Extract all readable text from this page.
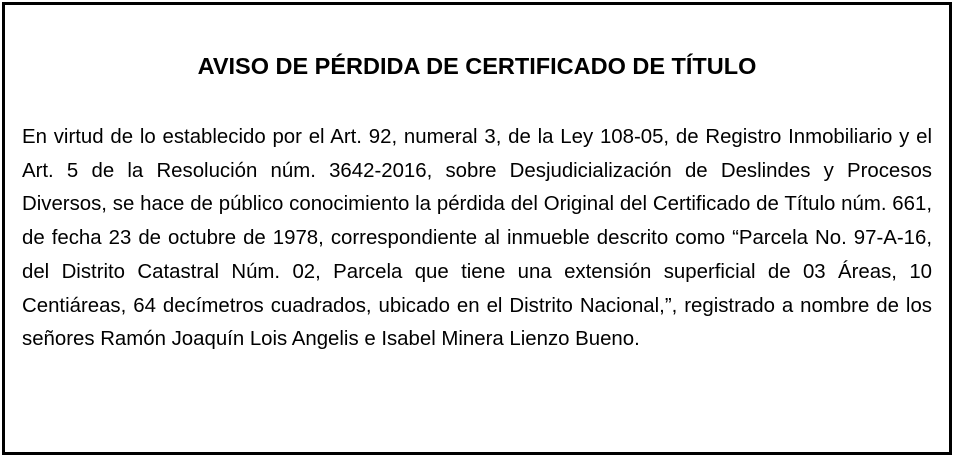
AVISO DE PÉRDIDA DE CERTIFICADO DE TÍTULO

En virtud de lo establecido por el Art. 92, numeral 3, de la Ley 108-05, de Registro Inmobiliario y el Art. 5 de la Resolución núm. 3642-2016, sobre Desjudicialización de Deslindes y Procesos Diversos, se hace de público conocimiento la pérdida del Original del Certificado de Título núm. 661, de fecha 23 de octubre de 1978, correspondiente al inmueble descrito como “Parcela No. 97-A-16, del Distrito Catastral Núm. 02, Parcela que tiene una extensión superficial de 03 Áreas, 10 Centiáreas, 64 decímetros cuadrados, ubicado en el Distrito Nacional,”, registrado a nombre de los señores Ramón Joaquín Lois Angelis e Isabel Minera Lienzo Bueno.
